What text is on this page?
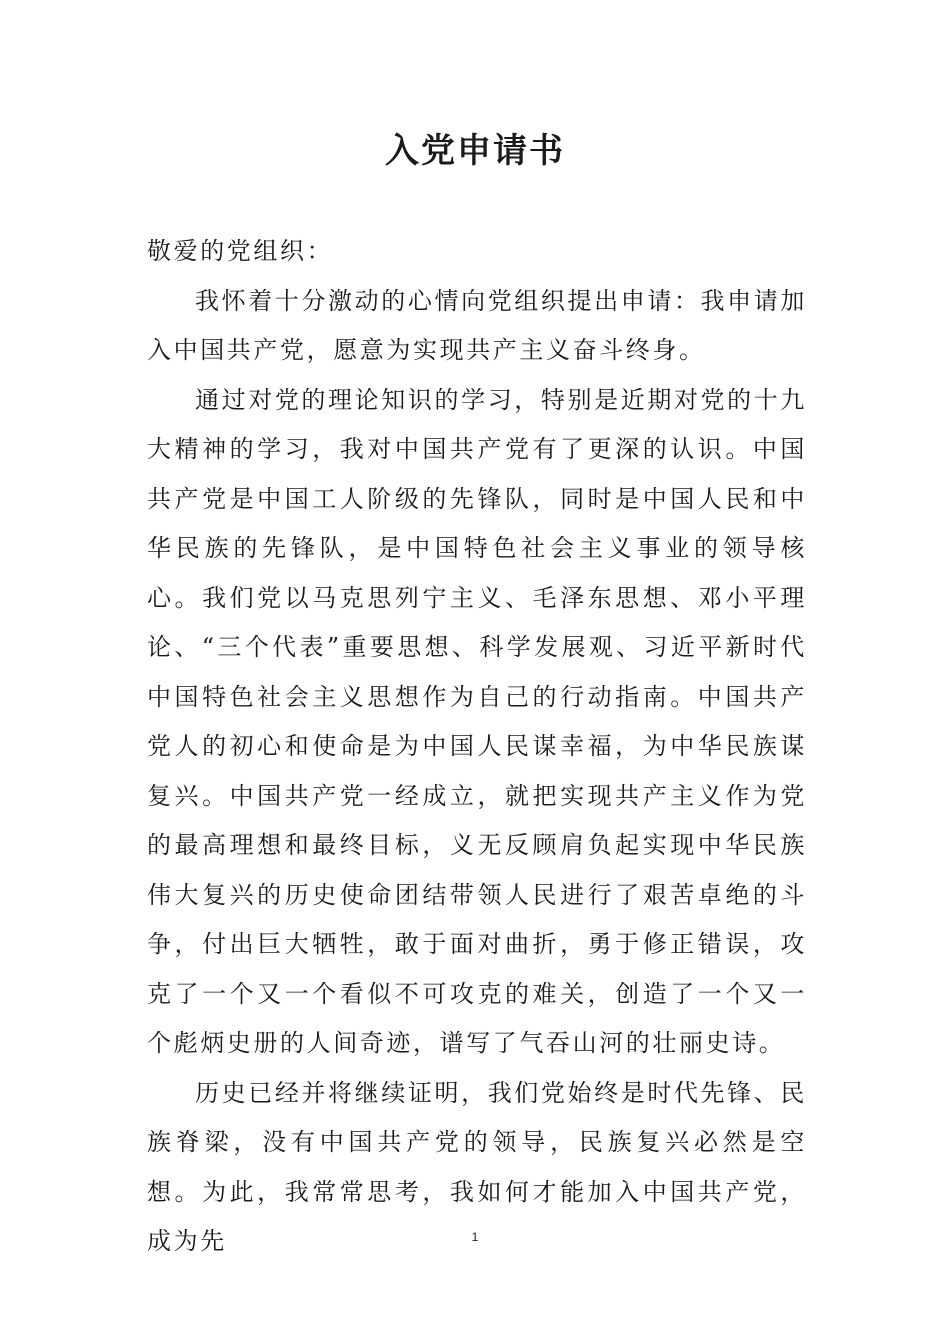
入党申请书

敬爱的党组织：

我怀着十分激动的心情向党组织提出申请：我申请加入中国共产党，愿意为实现共产主义奋斗终身。

通过对党的理论知识的学习，特别是近期对党的十九大精神的学习，我对中国共产党有了更深的认识。中国共产党是中国工人阶级的先锋队，同时是中国人民和中华民族的先锋队，是中国特色社会主义事业的领导核心。我们党以马克思列宁主义、毛泽东思想、邓小平理论、“三个代表”重要思想、科学发展观、习近平新时代中国特色社会主义思想作为自己的行动指南。中国共产党人的初心和使命是为中国人民谋幸福，为中华民族谋复兴。中国共产党一经成立，就把实现共产主义作为党的最高理想和最终目标，义无反顾肩负起实现中华民族伟大复兴的历史使命团结带领人民进行了艰苦卓绝的斗争，付出巨大牺牲，敢于面对曲折，勇于修正错误，攻克了一个又一个看似不可攻克的难关，创造了一个又一个彪炳史册的人间奇迹，谱写了气吞山河的壮丽史诗。

历史已经并将继续证明，我们党始终是时代先锋、民族脊梁，没有中国共产党的领导，民族复兴必然是空想。为此，我常常思考，我如何才能加入中国共产党，成为先	1
